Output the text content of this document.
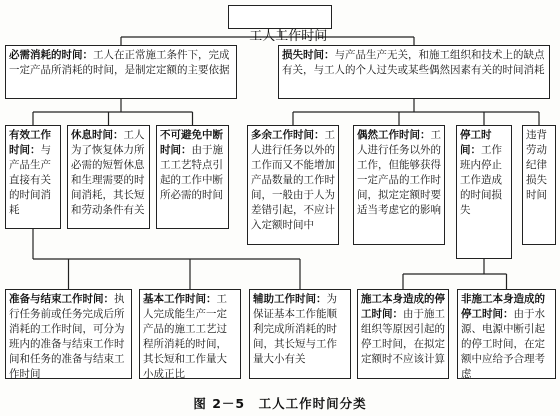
工人工作时间

必需消耗的时间：工人在正常施工条件下，完成一定产品所消耗的时间，是制定定额的主要依据
损失时间：与产品生产无关，和施工组织和技术上的缺点有关，与工人的个人过失或某些偶然因素有关的时间消耗
有效工作时间：与产品生产直接有关的时间消耗
休息时间：工人为了恢复体力所必需的短暂休息和生理需要的时间消耗，其长短和劳动条件有关
不可避免中断时间：由于施工工艺特点引起的工作中断所必需的时间
多余工作时间：工人进行任务以外的工作而又不能增加产品数量的工作时间，一般由于人为差错引起，不应计入定额时间中
偶然工作时间：工人进行任务以外的工作，但能够获得一定产品的工作时间，拟定定额时要适当考虑它的影响
停工时间：工作班内停止工作造成的时间损失
违背劳动纪律损失时间
准备与结束工作时间：执行任务前或任务完成后所消耗的工作时间，可分为班内的准备与结束工作时间和任务的准备与结束工作时间
基本工作时间：工人完成能生产一定产品的施工工艺过程所消耗的时间，其长短和工作量大小成正比
辅助工作时间：为保证基本工作能顺利完成所消耗的时间，其长短与工作量大小有关
施工本身造成的停工时间：由于施工组织等原因引起的停工时间，在拟定定额时不应该计算
非施工本身造成的停工时间：由于水源、电源中断引起的停工时间，在定额中应给予合理考虑
图 2－5　工人工作时间分类
